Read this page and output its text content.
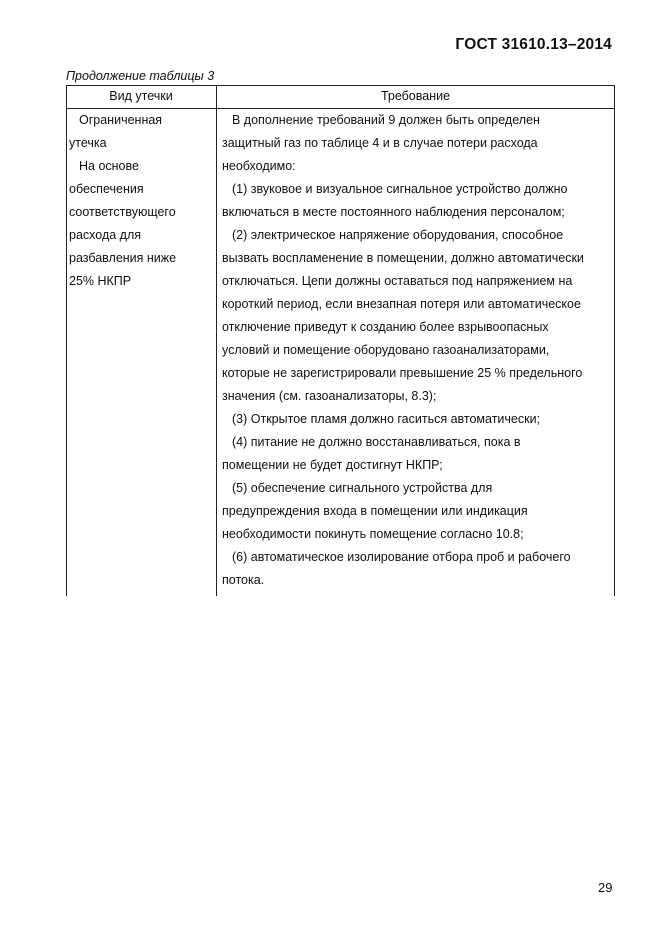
ГОСТ 31610.13–2014
Продолжение таблицы 3
Вид утечки	Требование
Ограниченная
утечка
На основе
обеспечения
соответствующего
расхода для
разбавления ниже
25% НКПР
В дополнение требований 9 должен быть определен
защитный газ по таблице 4 и в случае потери расхода
необходимо:
(1) звуковое и визуальное сигнальное устройство должно
включаться в месте постоянного наблюдения персоналом;
(2) электрическое напряжение оборудования, способное
вызвать воспламенение в помещении, должно автоматически
отключаться. Цепи должны оставаться под напряжением на
короткий период, если внезапная потеря или автоматическое
отключение приведут к созданию более взрывоопасных
условий и помещение оборудовано газоанализаторами,
которые не зарегистрировали превышение 25 % предельного
значения (см. газоанализаторы, 8.3);
(3) Открытое пламя должно гаситься автоматически;
(4) питание не должно восстанавливаться, пока в
помещении не будет достигнут НКПР;
(5) обеспечение сигнального устройства для
предупреждения входа в помещении или индикация
необходимости покинуть помещение согласно 10.8;
(6) автоматическое изолирование отбора проб и рабочего
потока.
29
